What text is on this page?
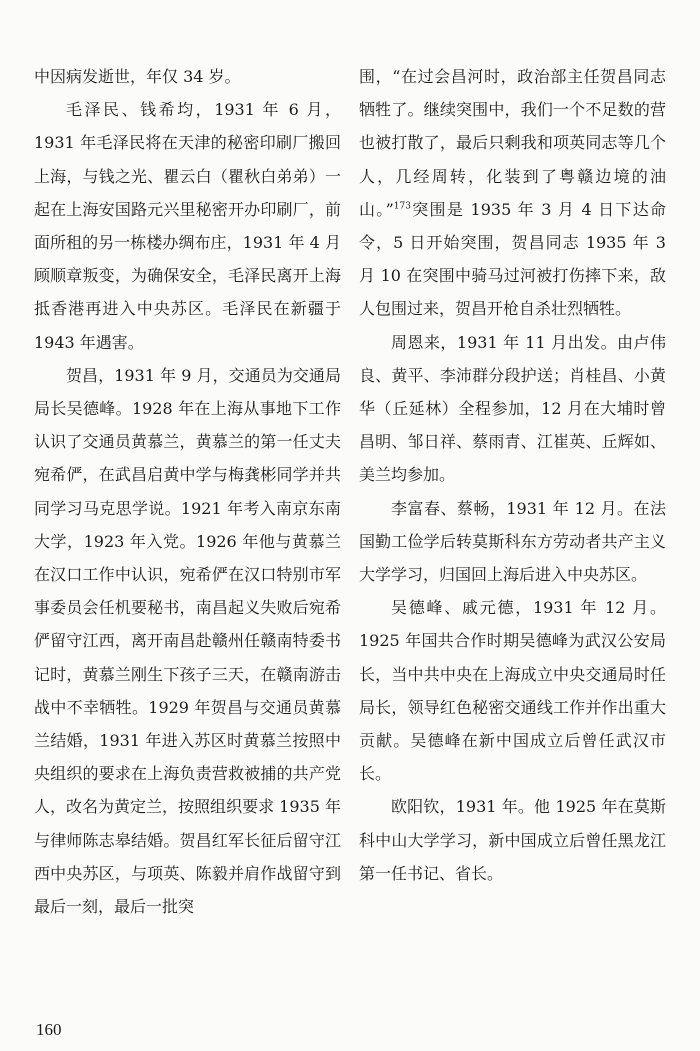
中因病发逝世，年仅 34 岁。

毛泽民、钱希均，1931 年 6 月，1931 年毛泽民将在天津的秘密印刷厂搬回上海，与钱之光、瞿云白（瞿秋白弟弟）一起在上海安国路元兴里秘密开办印刷厂，前面所租的另一栋楼办绸布庄，1931 年 4 月顾顺章叛变，为确保安全，毛泽民离开上海抵香港再进入中央苏区。毛泽民在新疆于 1943 年遇害。

贺昌，1931 年 9 月，交通员为交通局局长吴德峰。1928 年在上海从事地下工作认识了交通员黄慕兰，黄慕兰的第一任丈夫宛希俨，在武昌启黄中学与梅龚彬同学并共同学习马克思学说。1921 年考入南京东南大学，1923 年入党。1926 年他与黄慕兰在汉口工作中认识，宛希俨在汉口特别市军事委员会任机要秘书，南昌起义失败后宛希俨留守江西，离开南昌赴赣州任赣南特委书记时，黄慕兰刚生下孩子三天，在赣南游击战中不幸牺牲。1929 年贺昌与交通员黄慕兰结婚，1931 年进入苏区时黄慕兰按照中央组织的要求在上海负责营救被捕的共产党人，改名为黄定兰，按照组织要求 1935 年与律师陈志皋结婚。贺昌红军长征后留守江西中央苏区，与项英、陈毅并肩作战留守到最后一刻，最后一批突

围，“在过会昌河时，政治部主任贺昌同志牺牲了。继续突围中，我们一个不足数的营也被打散了，最后只剩我和项英同志等几个人，几经周转，化装到了粤赣边境的油山。”$^{173}$突围是 1935 年 3 月 4 日下达命令，5 日开始突围，贺昌同志 1935 年 3 月 10 在突围中骑马过河被打伤摔下来，敌人包围过来，贺昌开枪自杀壮烈牺牲。

周恩来，1931 年 11 月出发。由卢伟良、黄平、李沛群分段护送；肖桂昌、小黄华（丘延林）全程参加，12 月在大埔时曾昌明、邹日祥、蔡雨青、江崔英、丘辉如、美兰均参加。

李富春、蔡畅，1931 年 12 月。在法国勤工俭学后转莫斯科东方劳动者共产主义大学学习，归国回上海后进入中央苏区。

吴德峰、戚元德，1931 年 12 月。1925 年国共合作时期吴德峰为武汉公安局长，当中共中央在上海成立中央交通局时任局长，领导红色秘密交通线工作并作出重大贡献。吴德峰在新中国成立后曾任武汉市长。

欧阳钦，1931 年。他 1925 年在莫斯科中山大学学习，新中国成立后曾任黑龙江第一任书记、省长。

160
